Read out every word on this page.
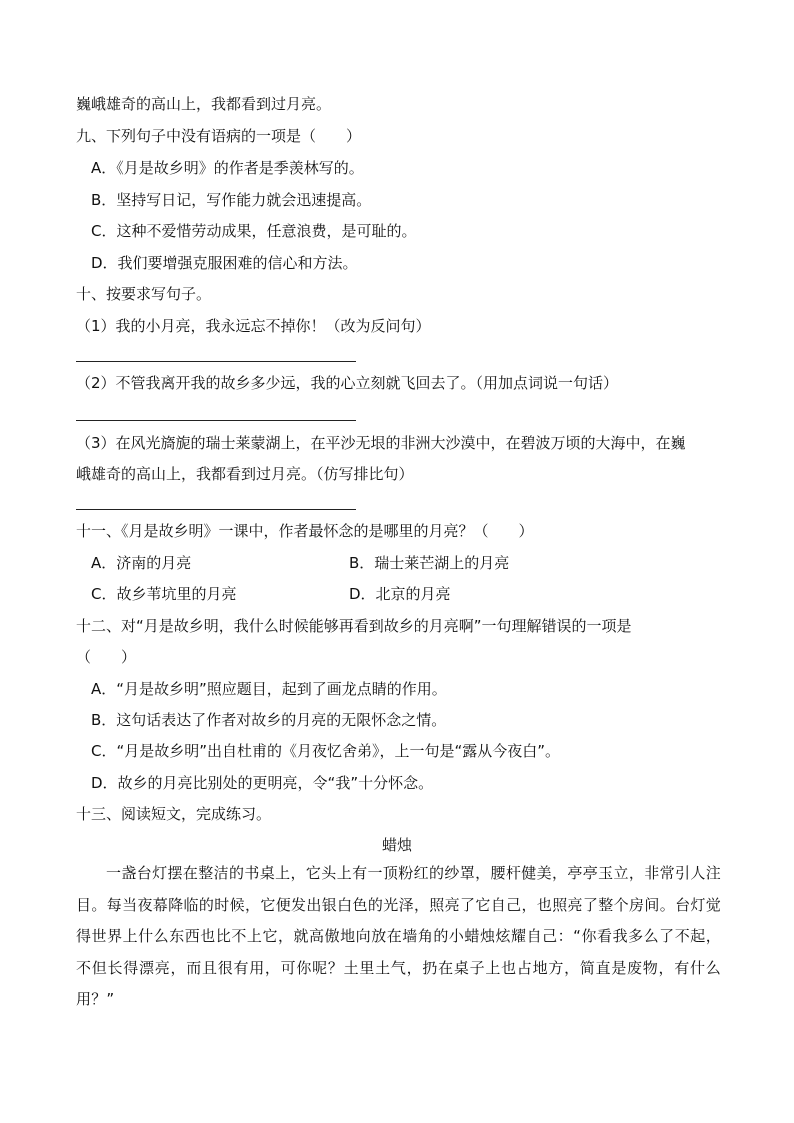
巍峨雄奇的高山上，我都看到过月亮。
九、下列句子中没有语病的一项是（　　）
A．《月是故乡明》的作者是季羡林写的。
B．坚持写日记，写作能力就会迅速提高。
C．这种不爱惜劳动成果，任意浪费，是可耻的。
D．我们要增强克服困难的信心和方法。
十、按要求写句子。
（1）我的小月亮，我永远忘不掉你！（改为反问句）
（2）不管我离开我的故乡多少远，我的心立刻就飞回去了。（用加点词说一句话）
（3）在风光旖旎的瑞士莱蒙湖上，在平沙无垠的非洲大沙漠中，在碧波万顷的大海中，在巍
峨雄奇的高山上，我都看到过月亮。（仿写排比句）
十一、《月是故乡明》一课中，作者最怀念的是哪里的月亮？（　　）
A．济南的月亮	B．瑞士莱芒湖上的月亮
C．故乡苇坑里的月亮	D．北京的月亮
十二、对“月是故乡明，我什么时候能够再看到故乡的月亮啊”一句理解错误的一项是
（　　）
A．“月是故乡明”照应题目，起到了画龙点睛的作用。
B．这句话表达了作者对故乡的月亮的无限怀念之情。
C．“月是故乡明”出自杜甫的《月夜忆舍弟》，上一句是“露从今夜白”。
D．故乡的月亮比别处的更明亮，令“我”十分怀念。
十三、阅读短文，完成练习。
蜡烛
一盏台灯摆在整洁的书桌上，它头上有一顶粉红的纱罩，腰杆健美，亭亭玉立，非常引人注目。每当夜幕降临的时候，它便发出银白色的光泽，照亮了它自己，也照亮了整个房间。台灯觉得世界上什么东西也比不上它，就高傲地向放在墙角的小蜡烛炫耀自己：“你看我多么了不起，不但长得漂亮，而且很有用，可你呢？土里土气，扔在桌子上也占地方，简直是废物，有什么用？”
